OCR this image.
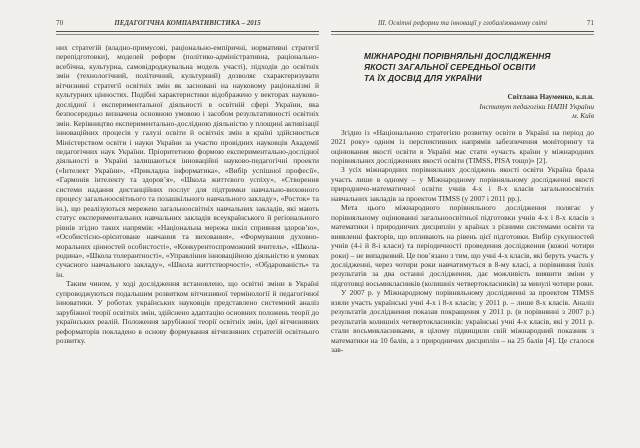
70	ПЕДАГОГІЧНА КОМПАРАТИВІСТИКА – 2015

них стратегій (владно-примусові, раціонально-емпіричні, нормативні стратегії перепідготовки), моделей реформ (політико-адміністративна, раціонально-всебічна, культурна, самовідроджувальна модель участі), підходів до освітніх змін (технологічний, політичний, культурний) дозволяє схарактеризувати вітчизняні стратегії освітніх змін як засновані на науковому раціоналізмі й культурних цінностях. Подібні характеристики відображено у векторах науково-дослідної і експериментальної діяльності в освітній сфері України, яка безпосередньо визначена основною умовою і засобом результативності освітніх змін. Керівництво експериментально-дослідною діяльністю у площині активізації інноваційних процесів у галузі освіти й освітніх змін в країні здійснюється Міністерством освіти і науки України за участю провідних науковців Академії педагогічних наук України. Пріоритетною формою експериментально-дослідної діяльності в Україні залишаються інноваційні науково-педагогічні проекти («Інтелект України», «Прикладна інформатика», «Вибір успішної професії», «Гармонія інтелекту та здоров’я», «Школа життєвого успіху», «Створення системи надання дистанційних послуг для підтримки навчально-виховного процесу загальноосвітнього та позашкільного навчального закладу», «Росток» та ін.), що реалізуються мережею загальноосвітніх навчальних закладів, які мають статус експериментальних навчальних закладів всеукраїнського й регіонального рівнів згідно таких напрямів: «Національна мережа шкіл сприяння здоров’ю», «Особистісно-орієнтоване навчання та виховання», «Формування духовно-моральних цінностей особистості», «Конкурентоспроможний вчитель», «Школа-родина», «Школа толерантності», «Управління інноваційною діяльністю в умовах сучасного навчального закладу», «Школа життєтворчості», «Обдарованість» та ін.

Таким чином, у ході дослідження встановлено, що освітні зміни в Україні супроводжуються подальшим розвитком вітчизняної термінології й педагогічної інноватики. У роботах українських науковців представлено системний аналіз зарубіжної теорії освітніх змін, здійснено адаптацію основних положень теорії до українських реалій. Положення зарубіжної теорії освітніх змін, ідеї вітчизняних реформаторів покладено в основу формування вітчизняних стратегій освітнього розвитку.

ІІІ. Освітні реформи та інновації у глобалізованому світі	71
МІЖНАРОДНІ ПОРІВНЯЛЬНІ ДОСЛІДЖЕННЯ
ЯКОСТІ ЗАГАЛЬНОЇ СЕРЕДНЬОЇ ОСВІТИ
ТА ЇХ ДОСВІД ДЛЯ УКРАЇНИ
Світлана Науменко, к.п.н.
Інститут педагогіки НАПН України
м. Київ

Згідно із «Національною стратегією розвитку освіти в Україні на період до 2021 року» одним із перспективних напрямів забезпечення моніторингу та оцінювання якості освіти в Україні має стати «участь країни у міжнародних порівняльних дослідженнях якості освіти (TIMSS, PISA тощо)» [2].

З усіх міжнародних порівняльних досліджень якості освіти Україна брала участь лише в одному – у Міжнародному порівняльному дослідженні якості природничо-математичної освіти учнів 4-х і 8-х класів загальноосвітніх навчальних закладів за проектом TIMSS (у 2007 і 2011 рр.).

Мета цього міжнародного порівняльного дослідження полягає у порівняльному оцінюванні загальноосвітньої підготовки учнів 4-х і 8-х класів з математики і природничих дисциплін у країнах з різними системами освіти та виявленні факторів, що впливають на рівень цієї підготовки. Вибір сукупностей учнів (4-і й 8-і класи) та періодичності проведення дослідження (кожні чотири роки) – не випадковий. Це пов’язано з тим, що учні 4-х класів, які беруть участь у дослідженні, через чотири роки навчатимуться в 8-му класі, а порівняння їхніх результатів за два останні дослідження, дає можливість виявити зміни у підготовці восьмикласників (колишніх четвертокласників) за минулі чотири роки.

У 2007 р. у Міжнародному порівняльному дослідженні за проектом TIMSS взяли участь українські учні 4-х і 8-х класів; у 2011 р. – лише 8-х класів. Аналіз результатів дослідження показав покращення у 2011 р. (в порівнянні з 2007 р.) результатів колишніх четвертокласників: українські учні 4-х класів, які у 2011 р. стали восьмикласниками, в цілому підвищили свій міжнародний показник з математики на 10 балів, а з природничих дисциплін – на 25 балів [4]. Це сталося зав-
